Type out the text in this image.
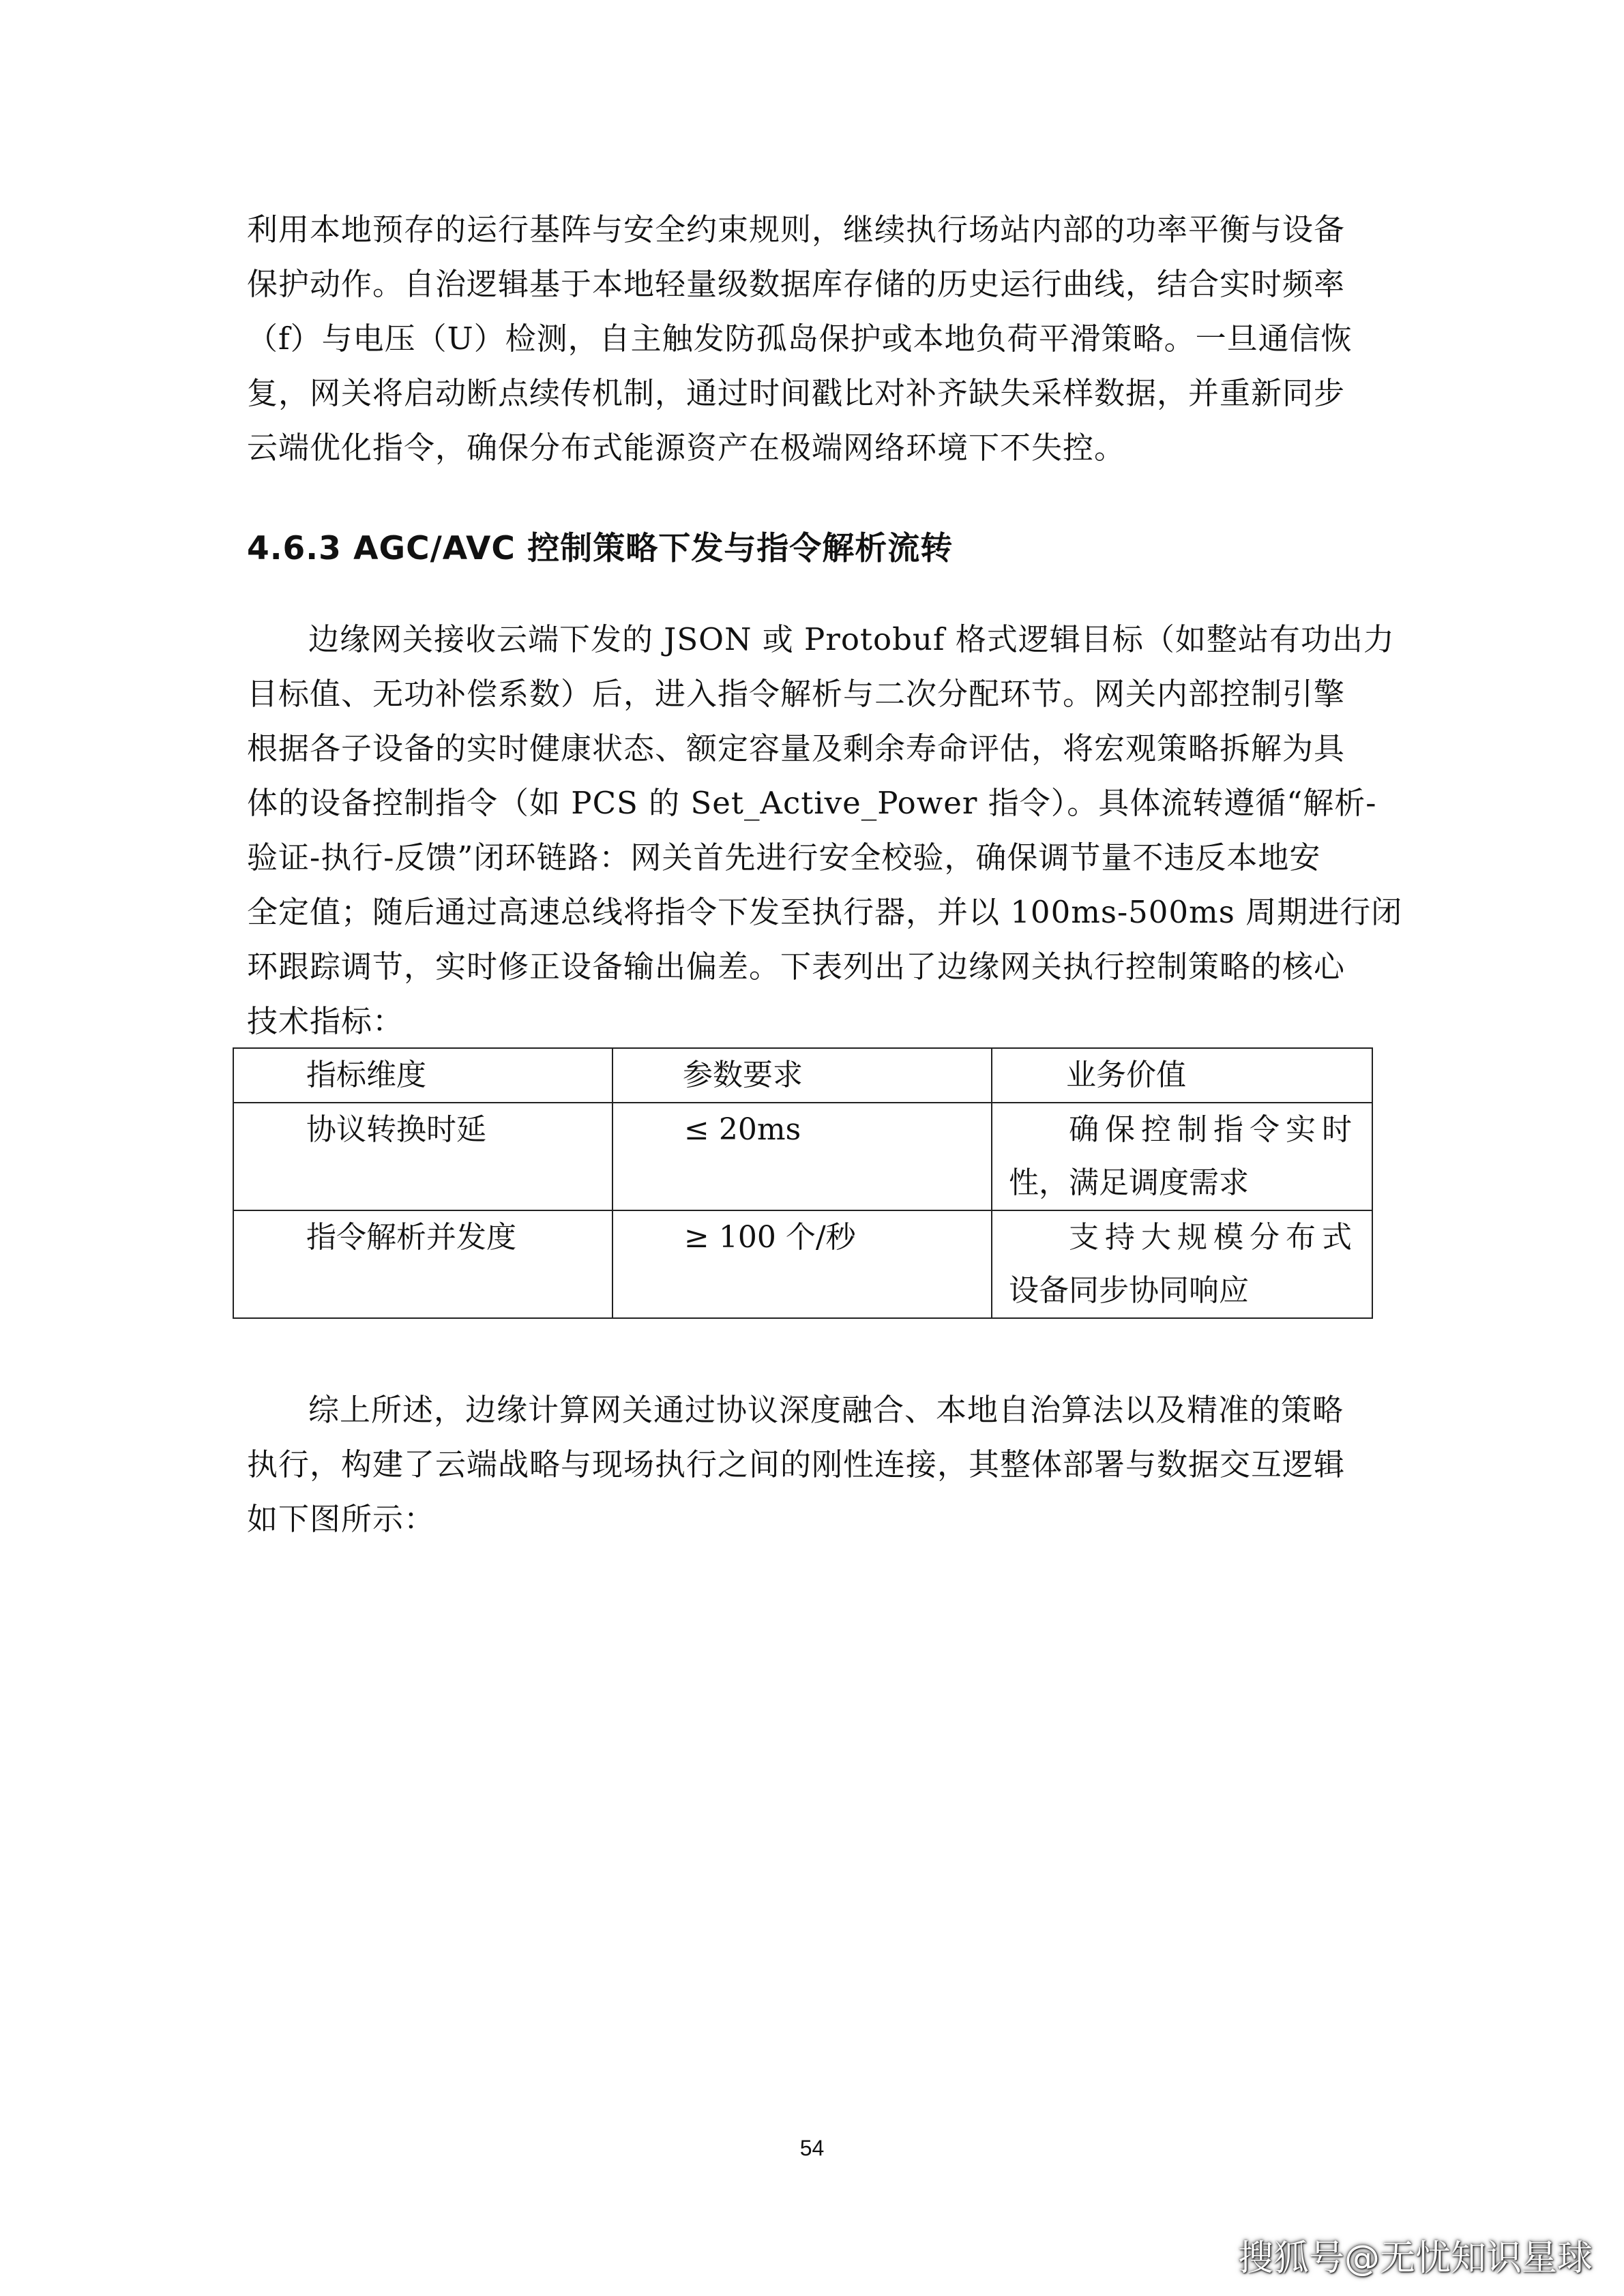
利用本地预存的运行基阵与安全约束规则，继续执行场站内部的功率平衡与设备
保护动作。自治逻辑基于本地轻量级数据库存储的历史运行曲线，结合实时频率
（f）与电压（U）检测，自主触发防孤岛保护或本地负荷平滑策略。一旦通信恢
复，网关将启动断点续传机制，通过时间戳比对补齐缺失采样数据，并重新同步
云端优化指令，确保分布式能源资产在极端网络环境下不失控。
4.6.3 AGC/AVC 控制策略下发与指令解析流转
边缘网关接收云端下发的 JSON 或 Protobuf 格式逻辑目标（如整站有功出力
目标值、无功补偿系数）后，进入指令解析与二次分配环节。网关内部控制引擎
根据各子设备的实时健康状态、额定容量及剩余寿命评估，将宏观策略拆解为具
体的设备控制指令（如 PCS 的 Set_Active_Power 指令）。具体流转遵循“解析-
验证-执行-反馈”闭环链路：网关首先进行安全校验，确保调节量不违反本地安
全定值；随后通过高速总线将指令下发至执行器，并以 100ms-500ms 周期进行闭
环跟踪调节，实时修正设备输出偏差。下表列出了边缘网关执行控制策略的核心
技术指标：
指标维度	参数要求	业务价值
协议转换时延	≤ 20ms	确保控制指令实时
性，满足调度需求

指令解析并发度	≥ 100 个/秒	支持大规模分布式
设备同步协同响应
综上所述，边缘计算网关通过协议深度融合、本地自治算法以及精准的策略
执行，构建了云端战略与现场执行之间的刚性连接，其整体部署与数据交互逻辑
如下图所示：
54
搜狐号@无忧知识星球
